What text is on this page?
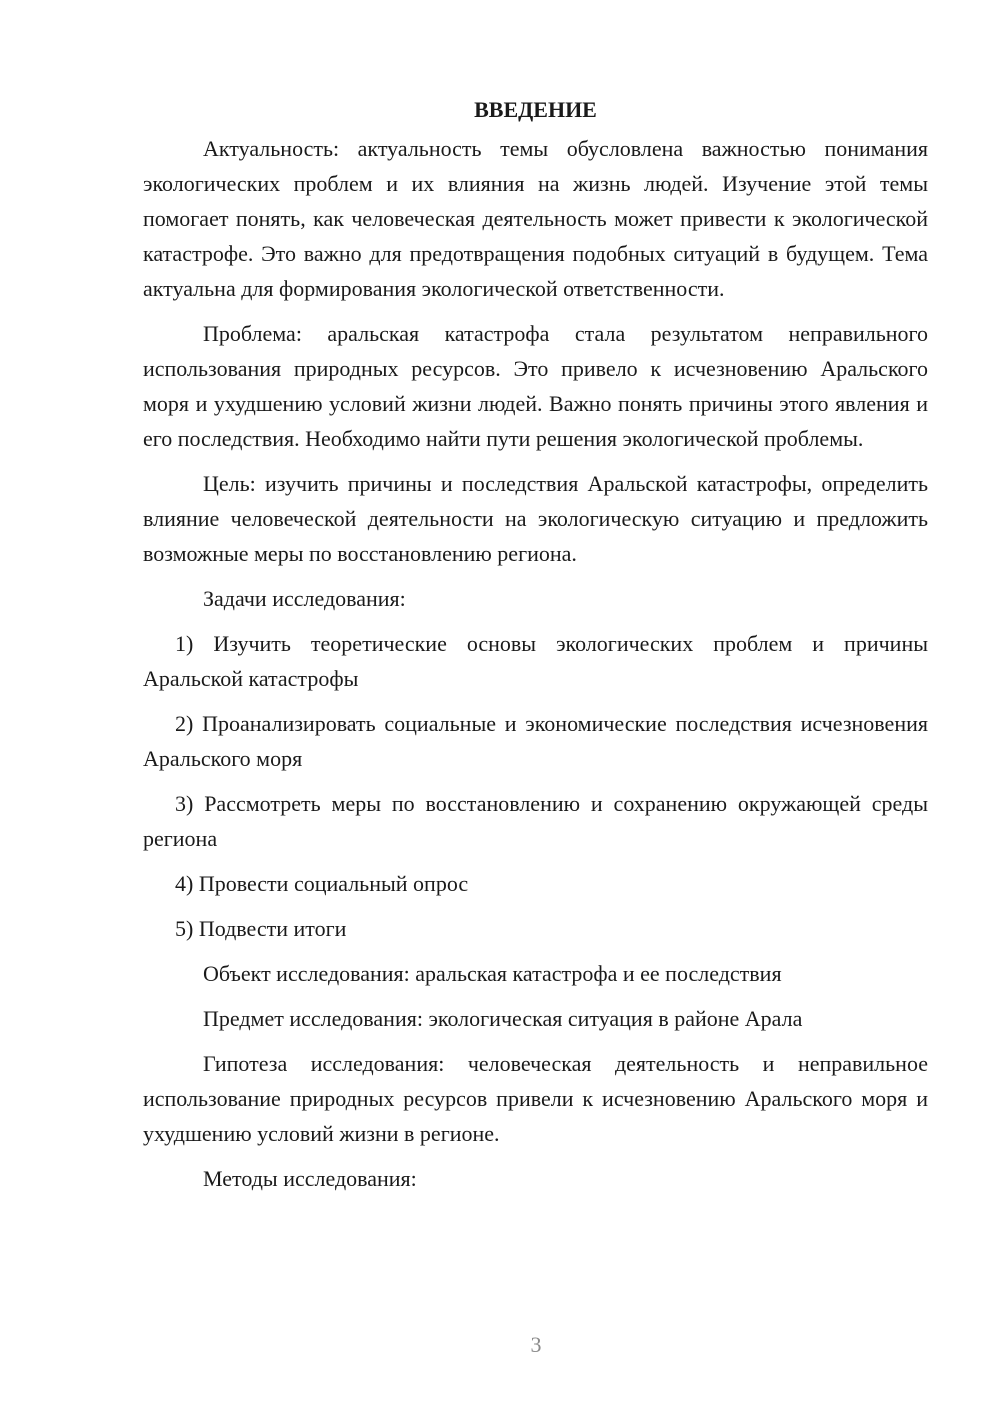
ВВЕДЕНИЕ

Актуальность: актуальность темы обусловлена важностью понимания экологических проблем и их влияния на жизнь людей. Изучение этой темы помогает понять, как человеческая деятельность может привести к экологической катастрофе. Это важно для предотвращения подобных ситуаций в будущем. Тема актуальна для формирования экологической ответственности.

Проблема: аральская катастрофа стала результатом неправильного использования природных ресурсов. Это привело к исчезновению Аральского моря и ухудшению условий жизни людей. Важно понять причины этого явления и его последствия. Необходимо найти пути решения экологической проблемы.

Цель: изучить причины и последствия Аральской катастрофы, определить влияние человеческой деятельности на экологическую ситуацию и предложить возможные меры по восстановлению региона.

Задачи исследования:

1) Изучить теоретические основы экологических проблем и причины Аральской катастрофы

2) Проанализировать социальные и экономические последствия исчезновения Аральского моря

3) Рассмотреть меры по восстановлению и сохранению окружающей среды региона

4) Провести социальный опрос

5) Подвести итоги

Объект исследования: аральская катастрофа и ее последствия

Предмет исследования: экологическая ситуация в районе Арала

Гипотеза исследования: человеческая деятельность и неправильное использование природных ресурсов привели к исчезновению Аральского моря и ухудшению условий жизни в регионе.

Методы исследования:

3
